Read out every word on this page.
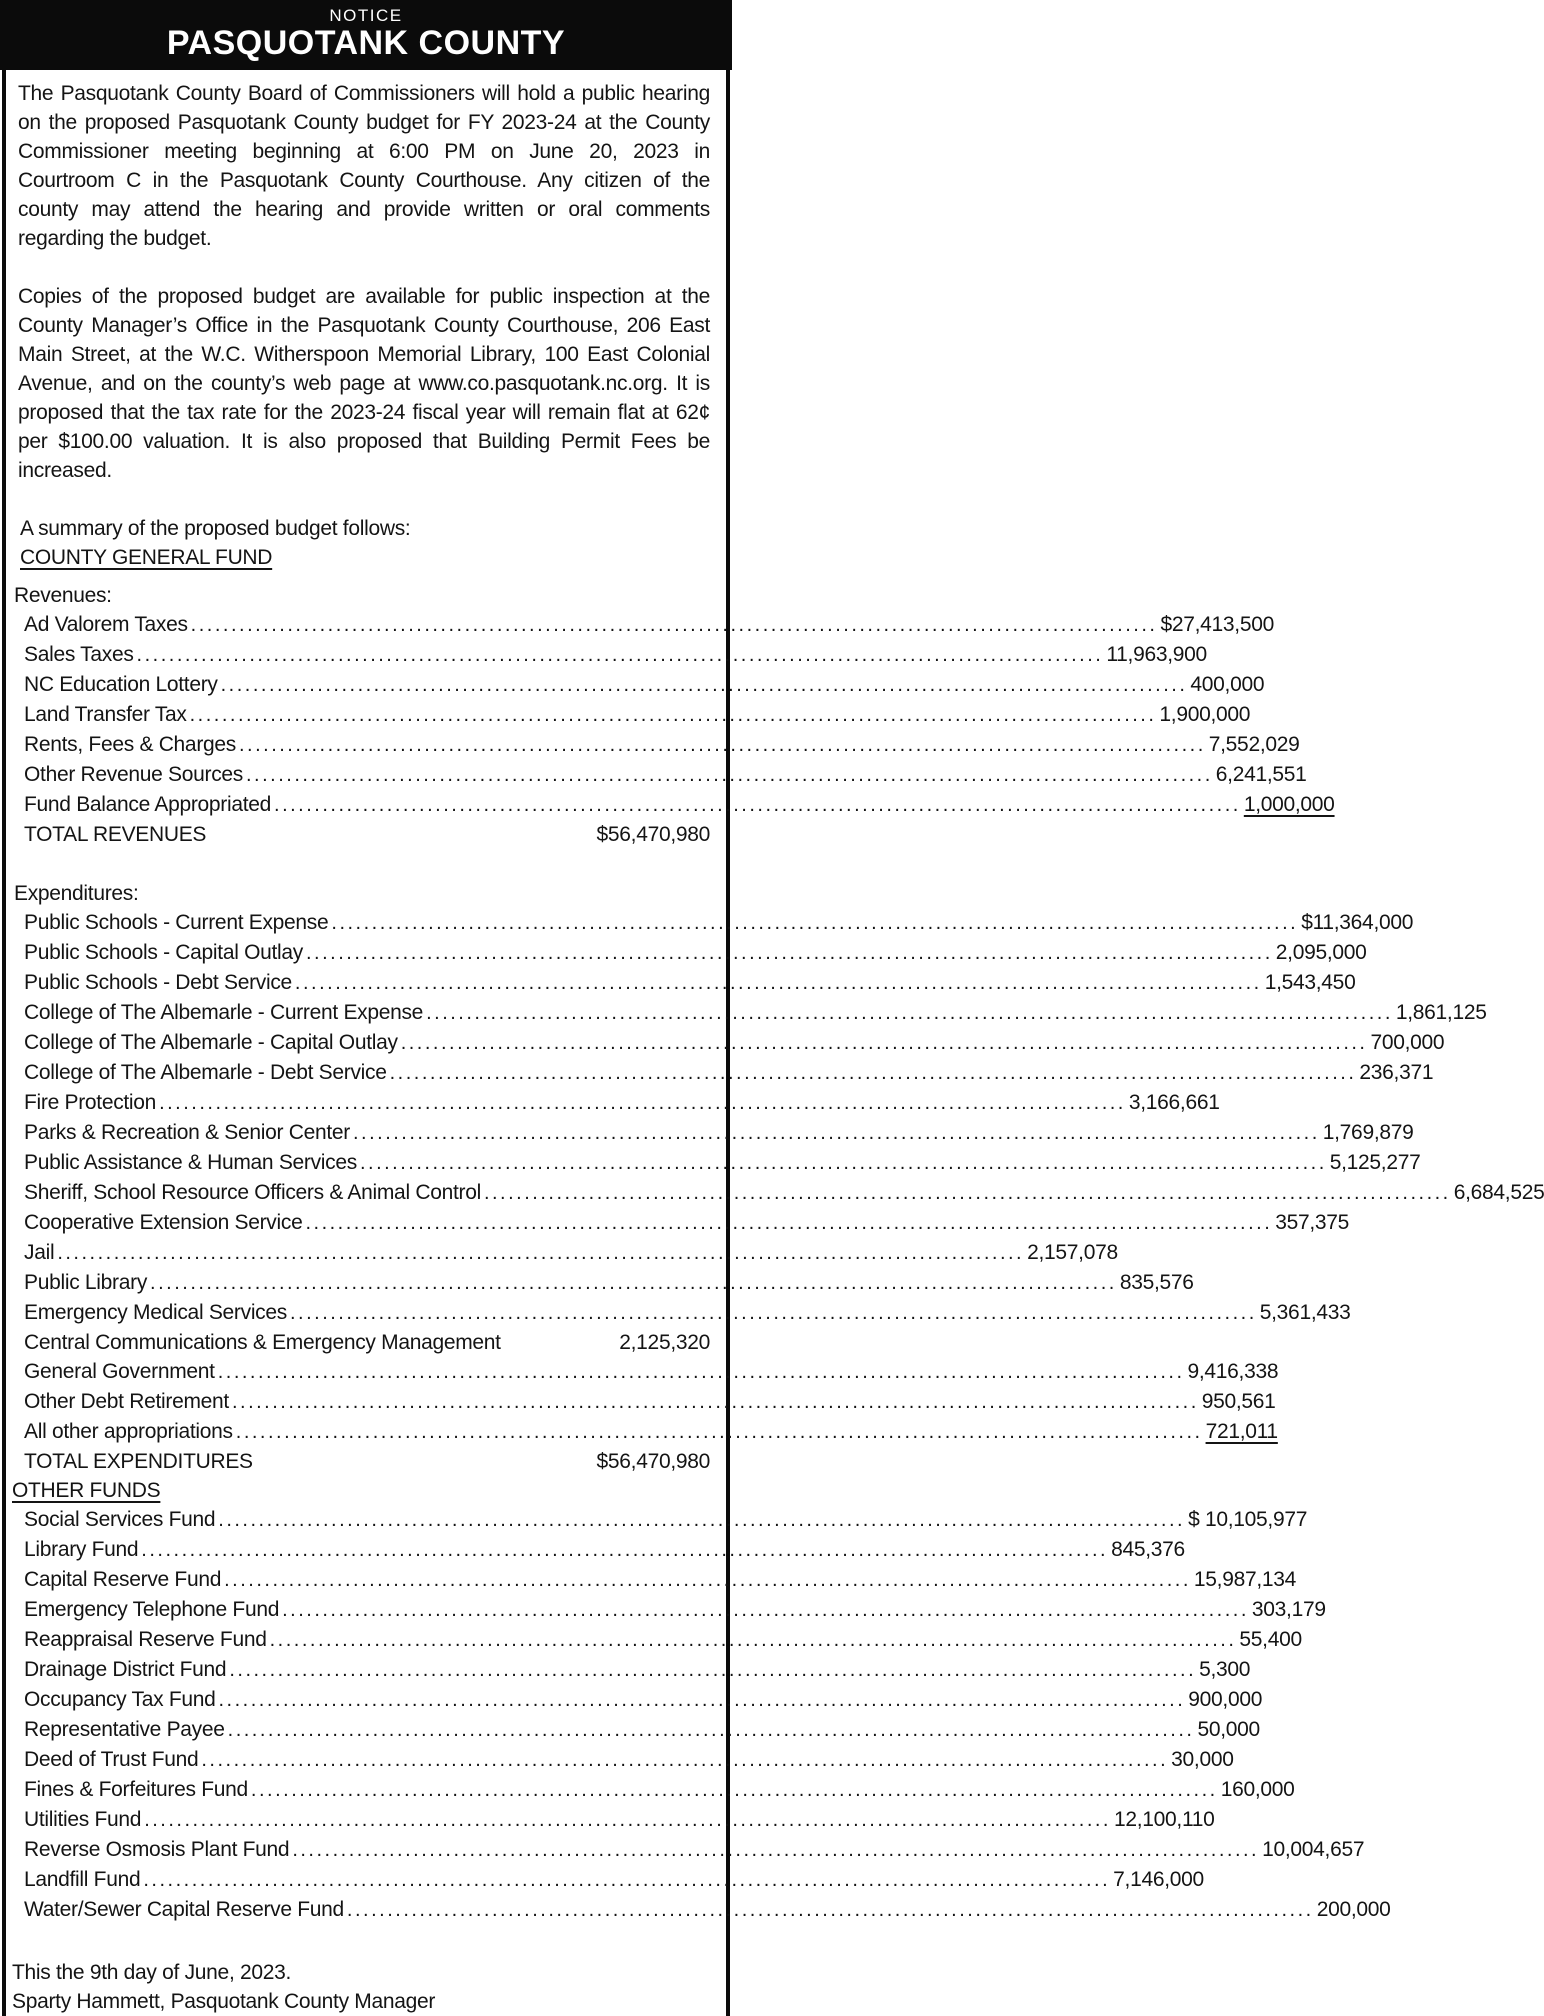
NOTICE
PASQUOTANK COUNTY

The Pasquotank County Board of Commissioners will hold a public hearing on the proposed Pasquotank County budget for FY 2023-24 at the County Commissioner meeting beginning at 6:00 PM on June 20, 2023 in Courtroom C in the Pasquotank County Courthouse. Any citizen of the county may attend the hearing and provide written or oral comments regarding the budget.

Copies of the proposed budget are available for public inspection at the County Manager’s Office in the Pasquotank County Courthouse, 206 East Main Street, at the W.C. Witherspoon Memorial Library, 100 East Colonial Avenue, and on the county’s web page at www.co.pasquotank.nc.org. It is proposed that the tax rate for the 2023-24 fiscal year will remain flat at 62¢ per $100.00 valuation. It is also proposed that Building Permit Fees be increased.

A summary of the proposed budget follows:
COUNTY GENERAL FUND
Revenues:
Ad Valorem Taxes .....	$27,413,500
Sales Taxes .....	11,963,900
NC Education Lottery .....	400,000
Land Transfer Tax .....	1,900,000
Rents, Fees & Charges .....	7,552,029
Other Revenue Sources .....	6,241,551
Fund Balance Appropriated .....	1,000,000
TOTAL REVENUES	$56,470,980
Expenditures:
Public Schools - Current Expense .....	$11,364,000
Public Schools - Capital Outlay .....	2,095,000
Public Schools - Debt Service .....	1,543,450
College of The Albemarle - Current Expense .....	1,861,125
College of The Albemarle - Capital Outlay .....	700,000
College of The Albemarle - Debt Service .....	236,371
Fire Protection .....	3,166,661
Parks & Recreation & Senior Center .....	1,769,879
Public Assistance & Human Services .....	5,125,277
Sheriff, School Resource Officers & Animal Control .....	6,684,525
Cooperative Extension Service .....	357,375
Jail .....	2,157,078
Public Library .....	835,576
Emergency Medical Services .....	5,361,433
Central Communications & Emergency Management	2,125,320
General Government .....	9,416,338
Other Debt Retirement .....	950,561
All other appropriations .....	721,011
TOTAL EXPENDITURES	$56,470,980
OTHER FUNDS
Social Services Fund .....	$ 10,105,977
Library Fund .....	845,376
Capital Reserve Fund .....	15,987,134
Emergency Telephone Fund .....	303,179
Reappraisal Reserve Fund .....	55,400
Drainage District Fund .....	5,300
Occupancy Tax Fund .....	900,000
Representative Payee .....	50,000
Deed of Trust Fund .....	30,000
Fines & Forfeitures Fund .....	160,000
Utilities Fund .....	12,100,110
Reverse Osmosis Plant Fund .....	10,004,657
Landfill Fund .....	7,146,000
Water/Sewer Capital Reserve Fund .....	200,000
This the 9th day of June, 2023.
Sparty Hammett, Pasquotank County Manager
